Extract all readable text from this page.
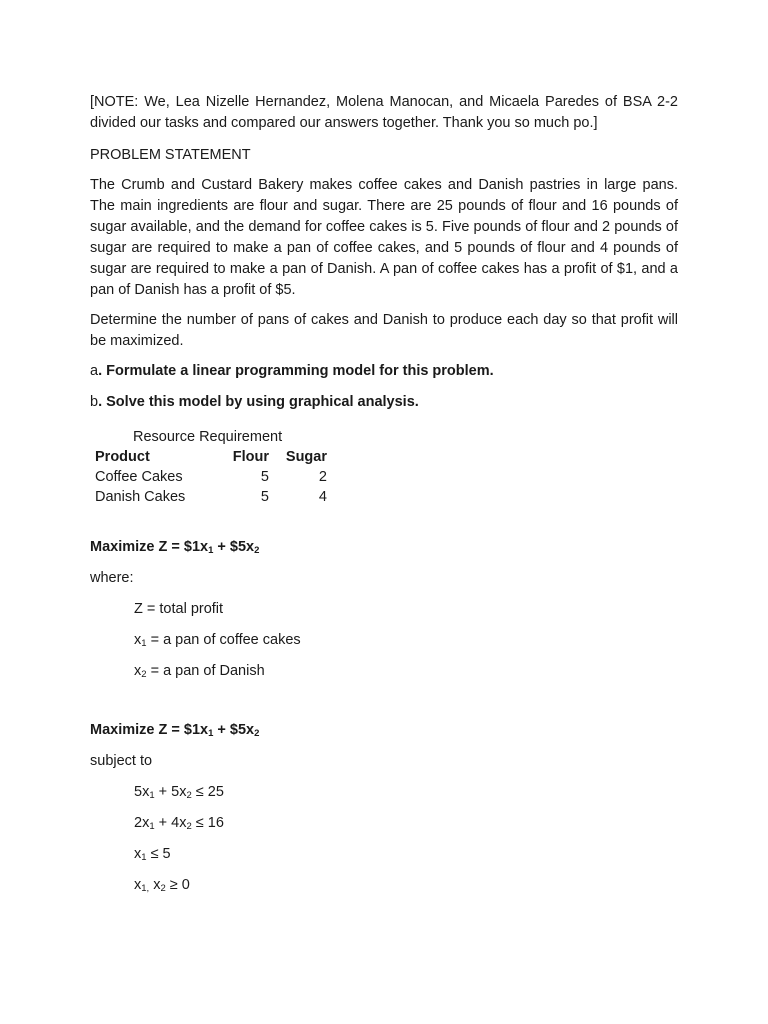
[NOTE: We, Lea Nizelle Hernandez, Molena Manocan, and Micaela Paredes of BSA 2-2 divided our tasks and compared our answers together. Thank you so much po.]

PROBLEM STATEMENT

The Crumb and Custard Bakery makes coffee cakes and Danish pastries in large pans. The main ingredients are flour and sugar. There are 25 pounds of flour and 16 pounds of sugar available, and the demand for coffee cakes is 5. Five pounds of flour and 2 pounds of sugar are required to make a pan of coffee cakes, and 5 pounds of flour and 4 pounds of sugar are required to make a pan of Danish. A pan of coffee cakes has a profit of $1, and a pan of Danish has a profit of $5.

Determine the number of pans of cakes and Danish to produce each day so that profit will be maximized.

a. Formulate a linear programming model for this problem.

b. Solve this model by using graphical analysis.

Resource Requirement
Product	Flour	Sugar
Coffee Cakes	5	2
Danish Cakes	5	4
Maximize $Z = \$1x_1$ + $\$5x_2$
where:
Z = total profit
$x_1 = a$ pan of coffee cakes
$x_2 = a$ pan of Danish
Maximize $Z = \$1x_1$ + $\$5x_2$
subject to
$5x_1 + 5x_2 \le 25$
$2x_1 + 4x_2 \le 16$
$x_1 \le 5$
$x_{1,}$ $x_2 \ge 0$
